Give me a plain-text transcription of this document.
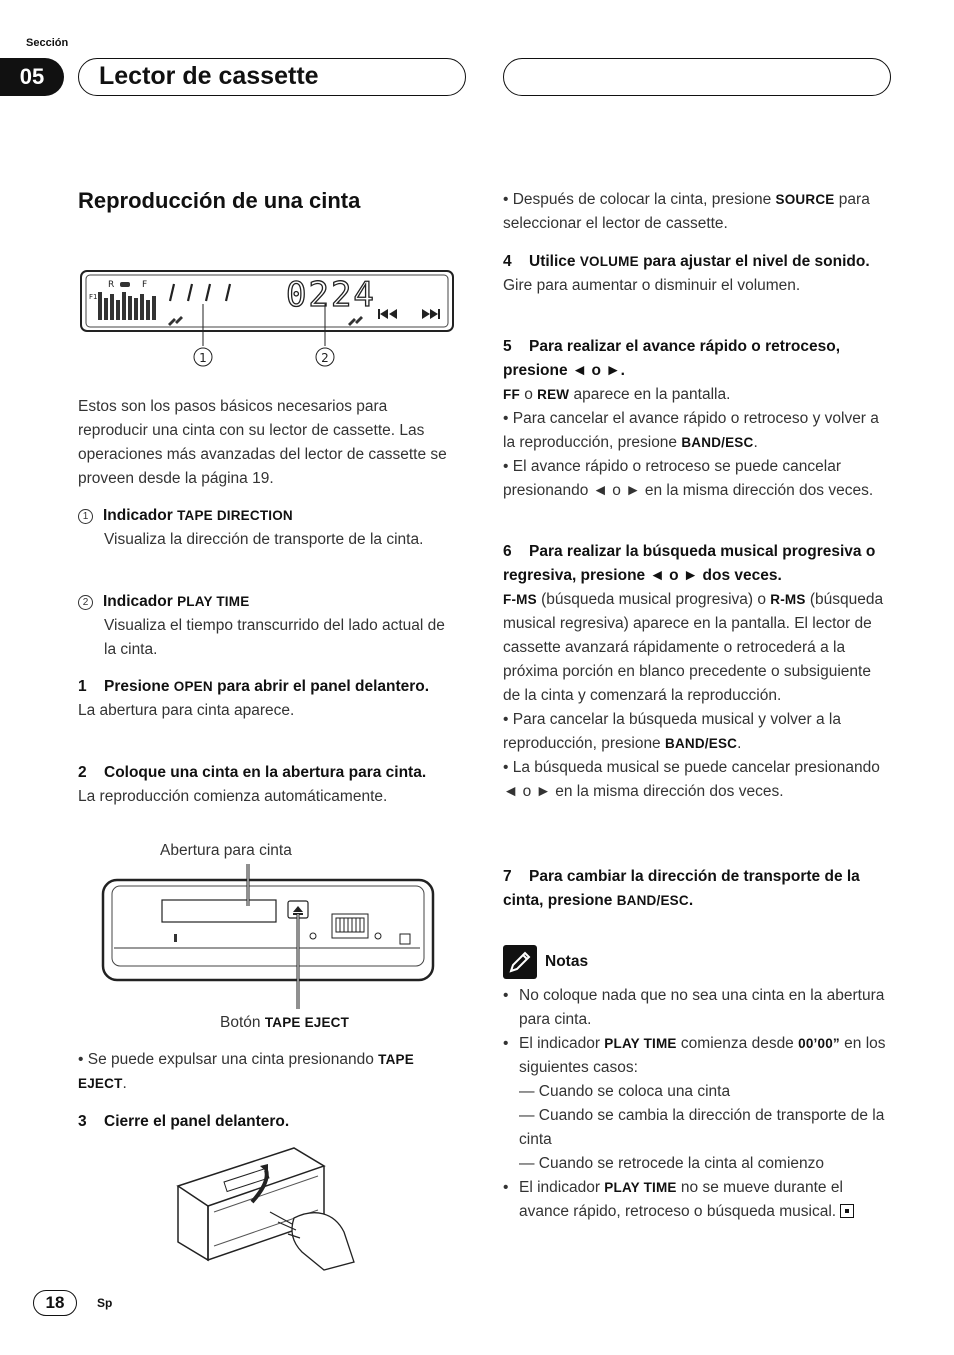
Sección
05	Lector de cassette
Reproducción de una cinta
R	F
F1	0224
1	2
Estos son los pasos básicos necesarios para reproducir una cinta con su lector de cassette. Las operaciones más avanzadas del lector de cassette se proveen desde la página 19.
1 Indicador TAPE DIRECTION
Visualiza la dirección de transporte de la cinta.
2 Indicador PLAY TIME
Visualiza el tiempo transcurrido del lado actual de la cinta.
1 Presione OPEN para abrir el panel delantero.
La abertura para cinta aparece.
2 Coloque una cinta en la abertura para cinta.
La reproducción comienza automáticamente.
Abertura para cinta
Botón TAPE EJECT
• Se puede expulsar una cinta presionando TAPE EJECT.
3 Cierre el panel delantero.
• Después de colocar la cinta, presione SOURCE para seleccionar el lector de cassette.
4 Utilice VOLUME para ajustar el nivel de sonido.
Gire para aumentar o disminuir el volumen.
5 Para realizar el avance rápido o retroceso, presione ◄ o ►.
FF o REW aparece en la pantalla.
• Para cancelar el avance rápido o retroceso y volver a la reproducción, presione BAND/ESC.
• El avance rápido o retroceso se puede cancelar presionando ◄ o ► en la misma dirección dos veces.
6 Para realizar la búsqueda musical progresiva o regresiva, presione ◄ o ► dos veces.
F-MS (búsqueda musical progresiva) o R-MS (búsqueda musical regresiva) aparece en la pantalla. El lector de cassette avanzará rápidamente o retrocederá a la próxima porción en blanco precedente o subsiguiente de la cinta y comenzará la reproducción.
• Para cancelar la búsqueda musical y volver a la reproducción, presione BAND/ESC.
• La búsqueda musical se puede cancelar presionando ◄ o ► en la misma dirección dos veces.
7 Para cambiar la dirección de transporte de la cinta, presione BAND/ESC.
Notas
• No coloque nada que no sea una cinta en la abertura para cinta.
• El indicador PLAY TIME comienza desde 00’00” en los siguientes casos:
— Cuando se coloca una cinta
— Cuando se cambia la dirección de transporte de la cinta
— Cuando se retrocede la cinta al comienzo
• El indicador PLAY TIME no se mueve durante el avance rápido, retroceso o búsqueda musical.
18	Sp
